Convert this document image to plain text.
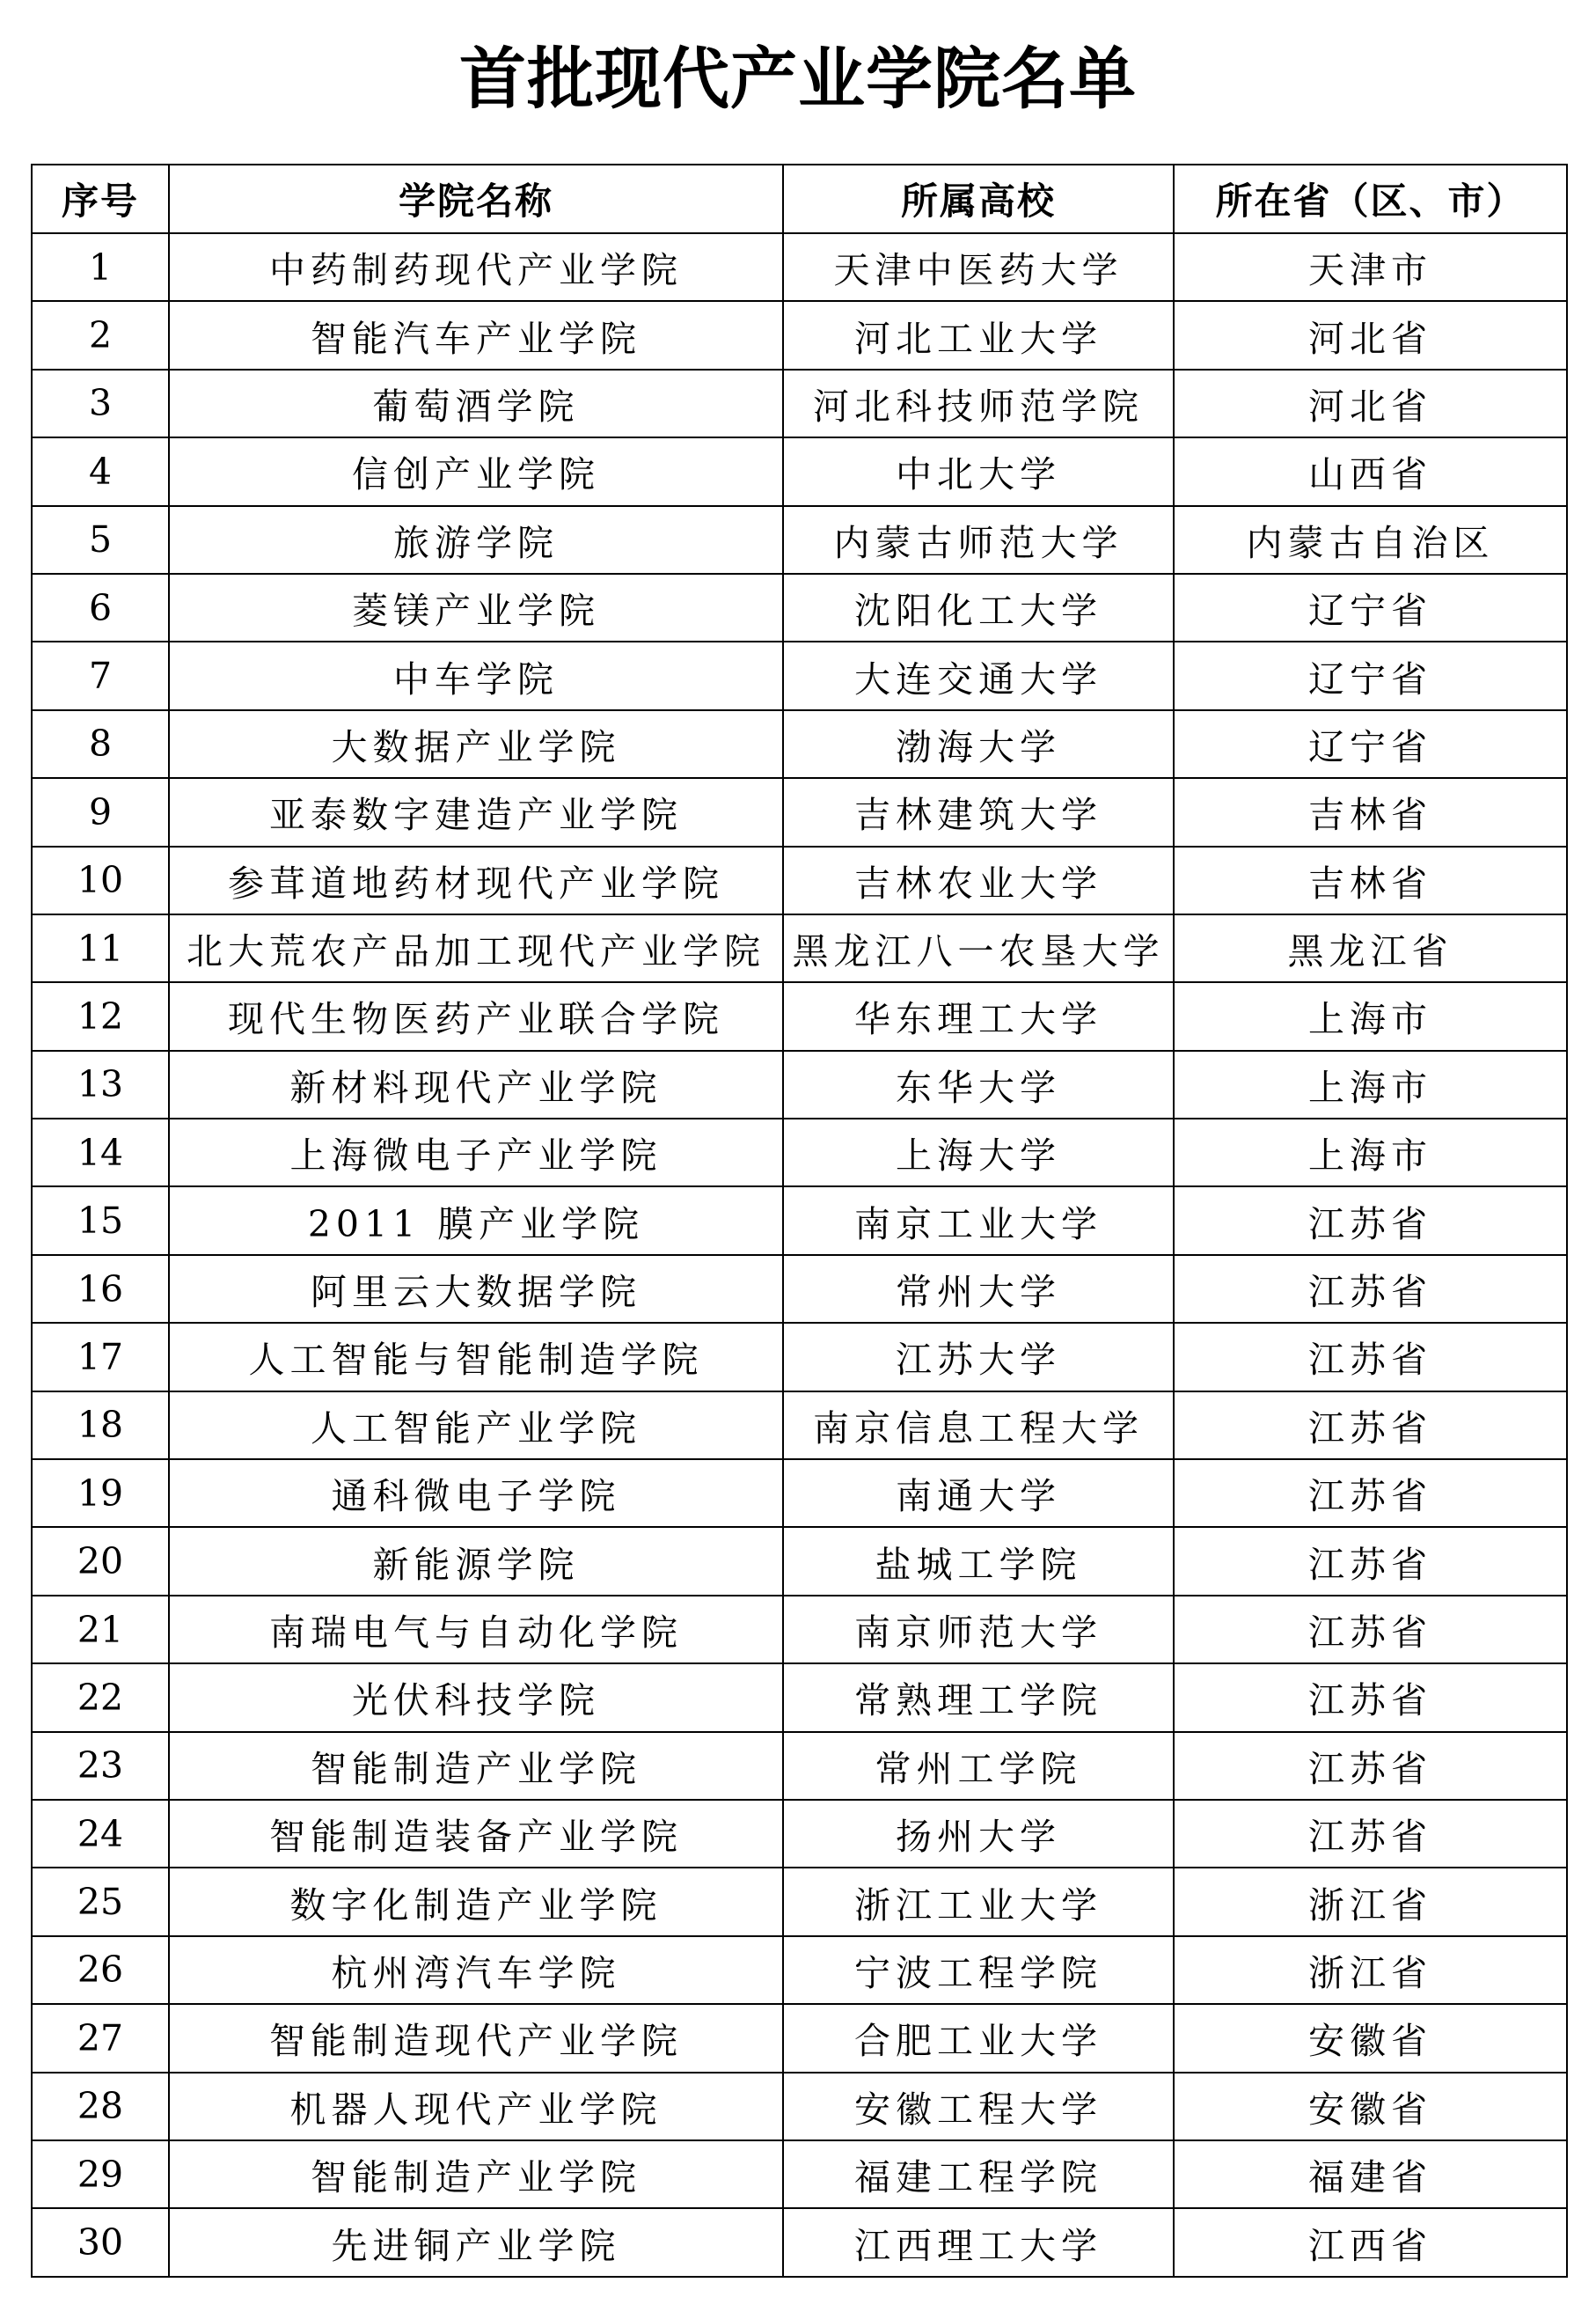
首批现代产业学院名单
序号	学院名称	所属高校	所在省（区、市）
1	中药制药现代产业学院	天津中医药大学	天津市
2	智能汽车产业学院	河北工业大学	河北省
3	葡萄酒学院	河北科技师范学院	河北省
4	信创产业学院	中北大学	山西省
5	旅游学院	内蒙古师范大学	内蒙古自治区
6	菱镁产业学院	沈阳化工大学	辽宁省
7	中车学院	大连交通大学	辽宁省
8	大数据产业学院	渤海大学	辽宁省
9	亚泰数字建造产业学院	吉林建筑大学	吉林省
10	参茸道地药材现代产业学院	吉林农业大学	吉林省
11	北大荒农产品加工现代产业学院	黑龙江八一农垦大学	黑龙江省
12	现代生物医药产业联合学院	华东理工大学	上海市
13	新材料现代产业学院	东华大学	上海市
14	上海微电子产业学院	上海大学	上海市
15	2011 膜产业学院	南京工业大学	江苏省
16	阿里云大数据学院	常州大学	江苏省
17	人工智能与智能制造学院	江苏大学	江苏省
18	人工智能产业学院	南京信息工程大学	江苏省
19	通科微电子学院	南通大学	江苏省
20	新能源学院	盐城工学院	江苏省
21	南瑞电气与自动化学院	南京师范大学	江苏省
22	光伏科技学院	常熟理工学院	江苏省
23	智能制造产业学院	常州工学院	江苏省
24	智能制造装备产业学院	扬州大学	江苏省
25	数字化制造产业学院	浙江工业大学	浙江省
26	杭州湾汽车学院	宁波工程学院	浙江省
27	智能制造现代产业学院	合肥工业大学	安徽省
28	机器人现代产业学院	安徽工程大学	安徽省
29	智能制造产业学院	福建工程学院	福建省
30	先进铜产业学院	江西理工大学	江西省
